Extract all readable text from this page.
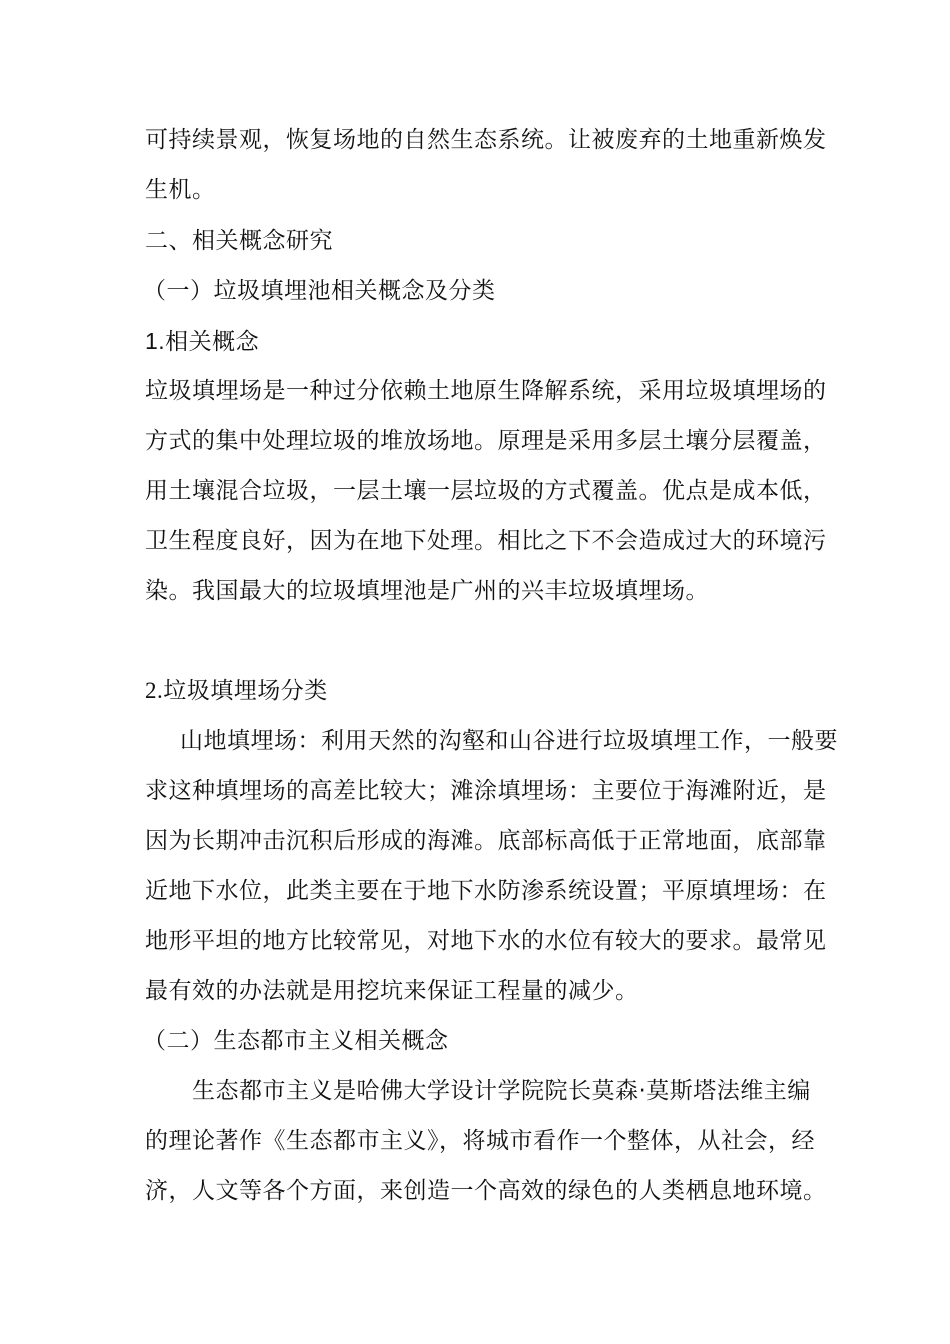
可持续景观，恢复场地的自然生态系统。让被废弃的土地重新焕发
生机。
二、相关概念研究
（一）垃圾填埋池相关概念及分类
1.相关概念
垃圾填埋场是一种过分依赖土地原生降解系统，采用垃圾填埋场的
方式的集中处理垃圾的堆放场地。原理是采用多层土壤分层覆盖，
用土壤混合垃圾，一层土壤一层垃圾的方式覆盖。优点是成本低，
卫生程度良好，因为在地下处理。相比之下不会造成过大的环境污
染。我国最大的垃圾填埋池是广州的兴丰垃圾填埋场。
2.垃圾填埋场分类
山地填埋场：利用天然的沟壑和山谷进行垃圾填埋工作，一般要
求这种填埋场的高差比较大；滩涂填埋场：主要位于海滩附近，是
因为长期冲击沉积后形成的海滩。底部标高低于正常地面，底部靠
近地下水位，此类主要在于地下水防渗系统设置；平原填埋场：在
地形平坦的地方比较常见，对地下水的水位有较大的要求。最常见
最有效的办法就是用挖坑来保证工程量的减少。
（二）生态都市主义相关概念
生态都市主义是哈佛大学设计学院院长莫森·莫斯塔法维主编
的理论著作《生态都市主义》，将城市看作一个整体，从社会，经
济，人文等各个方面，来创造一个高效的绿色的人类栖息地环境。
